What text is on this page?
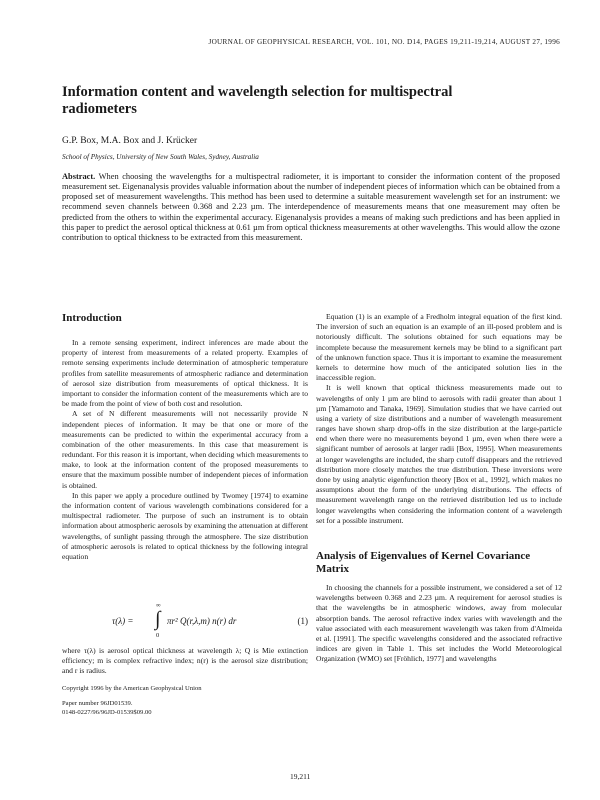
JOURNAL OF GEOPHYSICAL RESEARCH, VOL. 101, NO. D14, PAGES 19,211-19,214, AUGUST 27, 1996
Information content and wavelength selection for multispectral radiometers
G.P. Box, M.A. Box and J. Krücker
School of Physics, University of New South Wales, Sydney, Australia
Abstract. When choosing the wavelengths for a multispectral radiometer, it is important to consider the information content of the proposed measurement set. Eigenanalysis provides valuable information about the number of independent pieces of information which can be obtained from a proposed set of measurement wavelengths. This method has been used to determine a suitable measurement wavelength set for an instrument: we recommend seven channels between 0.368 and 2.23 µm. The interdependence of measurements means that one measurement may often be predicted from the others to within the experimental accuracy. Eigenanalysis provides a means of making such predictions and has been applied in this paper to predict the aerosol optical thickness at 0.61 µm from optical thickness measurements at other wavelengths. This would allow the ozone contribution to optical thickness to be extracted from this measurement.
Introduction

In a remote sensing experiment, indirect inferences are made about the property of interest from measurements of a related property. Examples of remote sensing experiments include determination of atmospheric temperature profiles from satellite measurements of atmospheric radiance and determination of aerosol size distribution from measurements of optical thickness. It is important to consider the information content of the measurements which are to be made from the point of view of both cost and resolution.

A set of N different measurements will not necessarily provide N independent pieces of information. It may be that one or more of the measurements can be predicted to within the experimental accuracy from a combination of the other measurements. In this case that measurement is redundant. For this reason it is important, when deciding which measurements to make, to look at the information content of the proposed measurements to ensure that the maximum possible number of independent pieces of information is obtained.

In this paper we apply a procedure outlined by Twomey [1974] to examine the information content of various wavelength combinations considered for a multispectral radiometer. The purpose of such an instrument is to obtain information about atmospheric aerosols by examining the attenuation at different wavelengths, of sunlight passing through the atmosphere. The size distribution of atmospheric aerosols is related to optical thickness by the following integral equation

τ(λ) = ∫
∞
0
πr² Q(r,λ,m) n(r) dr	(1)

where τ(λ) is aerosol optical thickness at wavelength λ; Q is Mie extinction efficiency; m is complex refractive index; n(r) is the aerosol size distribution; and r is radius.

Copyright 1996 by the American Geophysical Union
Paper number 96JD01539.
0148-0227/96/96JD-01539$09.00

Equation (1) is an example of a Fredholm integral equation of the first kind. The inversion of such an equation is an example of an ill-posed problem and is notoriously difficult. The solutions obtained for such equations may be incomplete because the measurement kernels may be blind to a significant part of the unknown function space. Thus it is important to examine the measurement kernels to determine how much of the anticipated solution lies in the inaccessible region.

It is well known that optical thickness measurements made out to wavelengths of only 1 µm are blind to aerosols with radii greater than about 1 µm [Yamamoto and Tanaka, 1969]. Simulation studies that we have carried out using a variety of size distributions and a number of wavelength measurement ranges have shown sharp drop-offs in the size distribution at the large-particle end when there were no measurements beyond 1 µm, even when there were a significant number of aerosols at larger radii [Box, 1995]. When measurements at longer wavelengths are included, the sharp cutoff disappears and the retrieved distribution more closely matches the true distribution. These inversions were done by using analytic eigenfunction theory [Box et al., 1992], which makes no assumptions about the form of the underlying distributions. The effects of measurement wavelength range on the retrieved distribution led us to include longer wavelengths when considering the information content of a wavelength set for a possible instrument.

Analysis of Eigenvalues of Kernel Covariance Matrix

In choosing the channels for a possible instrument, we considered a set of 12 wavelengths between 0.368 and 2.23 µm. A requirement for aerosol studies is that the wavelengths be in atmospheric windows, away from molecular absorption bands. The aerosol refractive index varies with wavelength and the value associated with each measurement wavelength was taken from d'Almeida et al. [1991]. The specific wavelengths considered and the associated refractive indices are given in Table 1. This set includes the World Meteorological Organization (WMO) set [Fröhlich, 1977] and wavelengths

19,211
